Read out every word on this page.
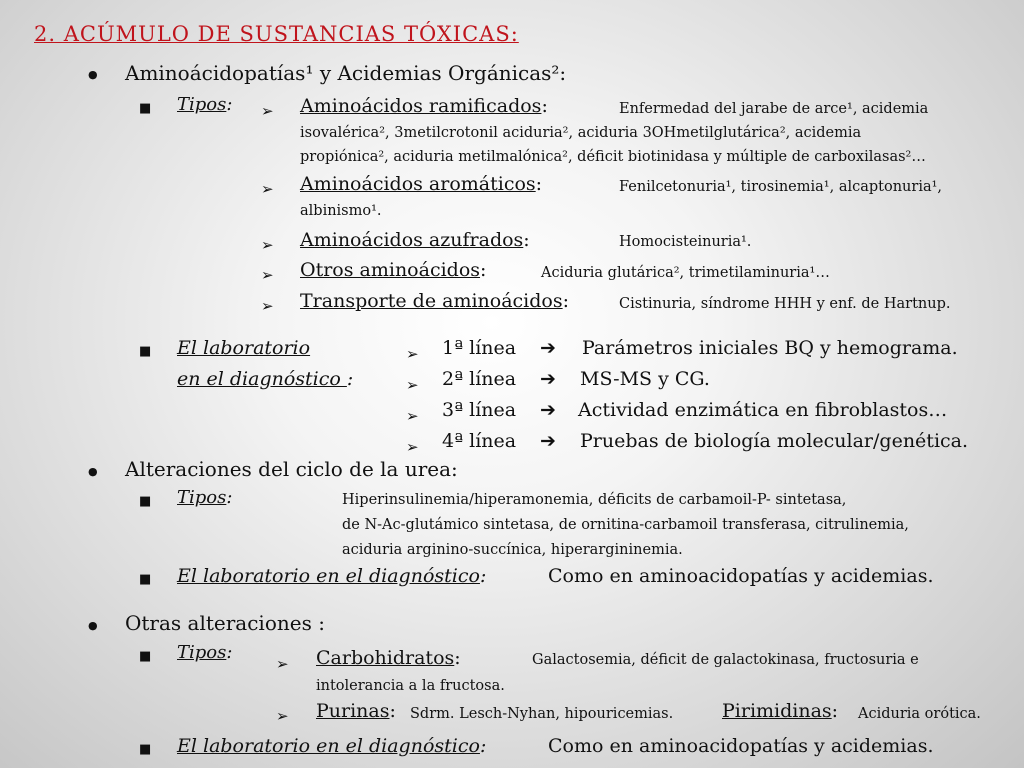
2. ACÚMULO DE SUSTANCIAS TÓXICAS:
● Aminoácidopatías¹ y Acidemias Orgánicas²:
■ Tipos: ➢ Aminoácidos ramificados:	Enfermedad del jarabe de arce¹, acidemia
isovalérica², 3metilcrotonil aciduria², aciduria 3OHmetilglutárica², acidemia
propiónica², aciduria metilmalónica², déficit biotinidasa y múltiple de carboxilasas²…
➢ Aminoácidos aromáticos:	Fenilcetonuria¹, tirosinemia¹, alcaptonuria¹,
albinismo¹.
➢ Aminoácidos azufrados:	Homocisteinuria¹.
➢ Otros aminoácidos:	Aciduria glutárica², trimetilaminuria¹…
➢ Transporte de aminoácidos:	Cistinuria, síndrome HHH y enf. de Hartnup.
■ El laboratorio
en el diagnóstico :
➢ 1ª línea ➔ Parámetros iniciales BQ y hemograma.
➢ 2ª línea ➔ MS-MS y CG.
➢ 3ª línea ➔ Actividad enzimática en fibroblastos…
➢ 4ª línea ➔ Pruebas de biología molecular/genética.
● Alteraciones del ciclo de la urea:
■ Tipos:	Hiperinsulinemia/hiperamonemia, déficits de carbamoil-P- sintetasa,
de N-Ac-glutámico sintetasa, de ornitina-carbamoil transferasa, citrulinemia,
aciduria arginino-succínica, hiperargininemia.
■ El laboratorio en el diagnóstico:	Como en aminoacidopatías y acidemias.
● Otras alteraciones :
■ Tipos:
➢ Carbohidratos:	Galactosemia, déficit de galactokinasa, fructosuria e
intolerancia a la fructosa.
➢ Purinas: Sdrm. Lesch-Nyhan, hipouricemias.	Pirimidinas: Aciduria orótica.
■ El laboratorio en el diagnóstico:	Como en aminoacidopatías y acidemias.
